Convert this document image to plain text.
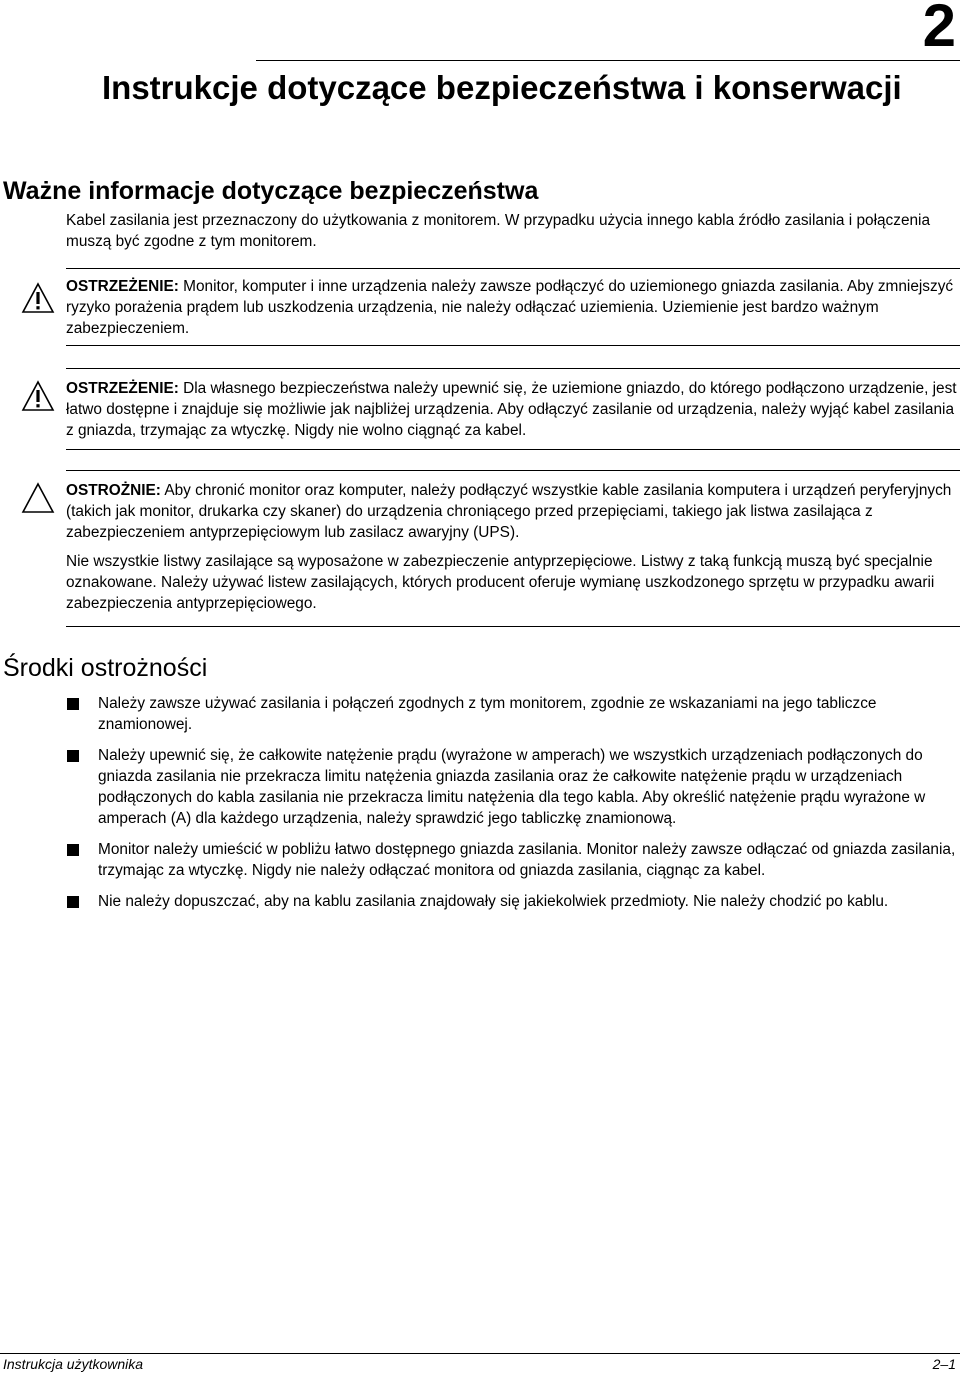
2
Instrukcje dotyczące bezpieczeństwa i konserwacji
Ważne informacje dotyczące bezpieczeństwa

Kabel zasilania jest przeznaczony do użytkowania z monitorem. W przypadku użycia innego kabla źródło zasilania i połączenia muszą być zgodne z tym monitorem.

OSTRZEŻENIE: Monitor, komputer i inne urządzenia należy zawsze podłączyć do uziemionego gniazda zasilania. Aby zmniejszyć ryzyko porażenia prądem lub uszkodzenia urządzenia, nie należy odłączać uziemienia. Uziemienie jest bardzo ważnym zabezpieczeniem.

OSTRZEŻENIE: Dla własnego bezpieczeństwa należy upewnić się, że uziemione gniazdo, do którego podłączono urządzenie, jest łatwo dostępne i znajduje się możliwie jak najbliżej urządzenia. Aby odłączyć zasilanie od urządzenia, należy wyjąć kabel zasilania z gniazda, trzymając za wtyczkę. Nigdy nie wolno ciągnąć za kabel.

OSTROŻNIE: Aby chronić monitor oraz komputer, należy podłączyć wszystkie kable zasilania komputera i urządzeń peryferyjnych (takich jak monitor, drukarka czy skaner) do urządzenia chroniącego przed przepięciami, takiego jak listwa zasilająca z zabezpieczeniem antyprzepięciowym lub zasilacz awaryjny (UPS).

Nie wszystkie listwy zasilające są wyposażone w zabezpieczenie antyprzepięciowe. Listwy z taką funkcją muszą być specjalnie oznakowane. Należy używać listew zasilających, których producent oferuje wymianę uszkodzonego sprzętu w przypadku awarii zabezpieczenia antyprzepięciowego.

Środki ostrożności
Należy zawsze używać zasilania i połączeń zgodnych z tym monitorem, zgodnie ze wskazaniami na jego tabliczce znamionowej.
Należy upewnić się, że całkowite natężenie prądu (wyrażone w amperach) we wszystkich urządzeniach podłączonych do gniazda zasilania nie przekracza limitu natężenia gniazda zasilania oraz że całkowite natężenie prądu w urządzeniach podłączonych do kabla zasilania nie przekracza limitu natężenia dla tego kabla. Aby określić natężenie prądu wyrażone w amperach (A) dla każdego urządzenia, należy sprawdzić jego tabliczkę znamionową.
Monitor należy umieścić w pobliżu łatwo dostępnego gniazda zasilania. Monitor należy zawsze odłączać od gniazda zasilania, trzymając za wtyczkę. Nigdy nie należy odłączać monitora od gniazda zasilania, ciągnąc za kabel.
Nie należy dopuszczać, aby na kablu zasilania znajdowały się jakiekolwiek przedmioty. Nie należy chodzić po kablu.
Instrukcja użytkownika	2–1
